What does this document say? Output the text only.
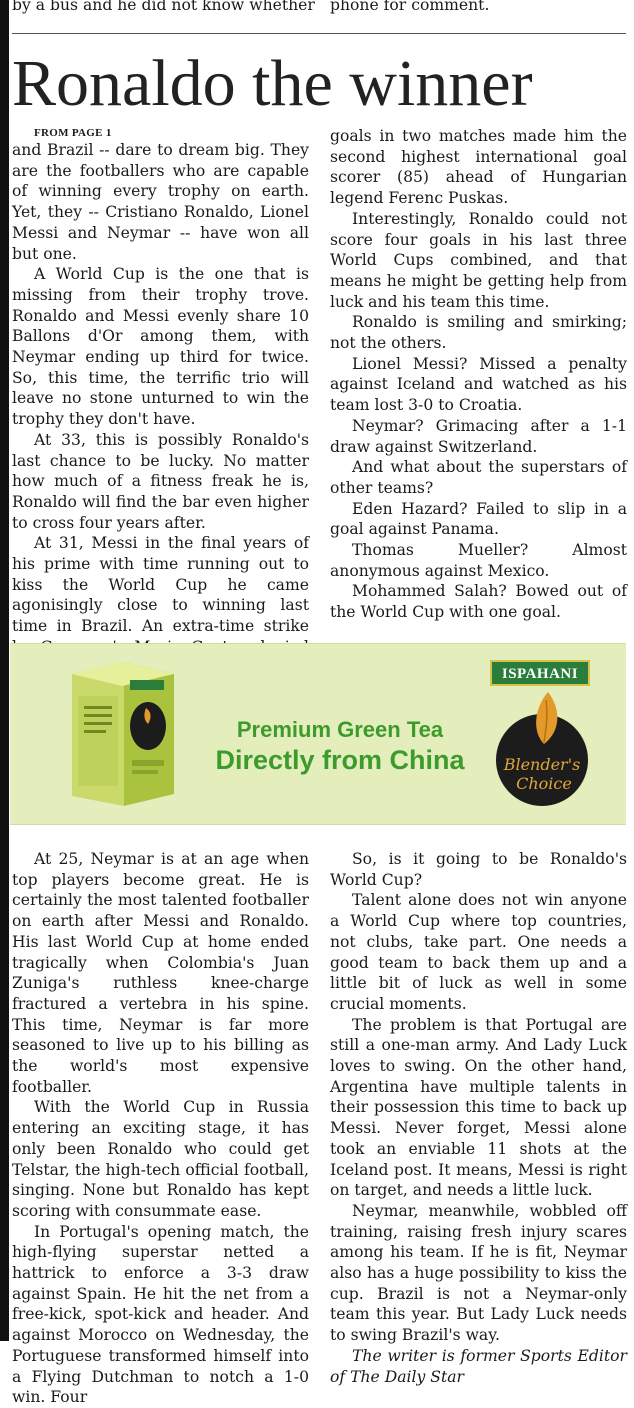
by a bus and he did not know whether phone for comment.
Ronaldo the winner

FROM PAGE 1

and Brazil -- dare to dream big. They are the footballers who are capable of winning every trophy on earth. Yet, they -- Cristiano Ronaldo, Lionel Messi and Neymar -- have won all but one.

A World Cup is the one that is missing from their trophy trove. Ronaldo and Messi evenly share 10 Ballons d'Or among them, with Neymar ending up third for twice. So, this time, the terrific trio will leave no stone unturned to win the trophy they don't have.

At 33, this is possibly Ronaldo's last chance to be lucky. No matter how much of a fitness freak he is, Ronaldo will find the bar even higher to cross four years after.

At 31, Messi in the final years of his prime with time running out to kiss the World Cup he came agonisingly close to winning last time in Brazil. An extra-time strike

goals in two matches made him the second highest international goal scorer (85) ahead of Hungarian legend Ferenc Puskas.

Interestingly, Ronaldo could not score four goals in his last three World Cups combined, and that means he might be getting help from luck and his team this time.

Ronaldo is smiling and smirking; not the others.

Lionel Messi? Missed a penalty against Iceland and watched as his team lost 3-0 to Croatia.

Neymar? Grimacing after a 1-1 draw against Switzerland.

And what about the superstars of other teams?

Eden Hazard? Failed to slip in a goal against Panama.

Thomas Mueller? Almost anonymous against Mexico.

Mohammed Salah? Bowed out of the World Cup with one goal.

Premium Green Tea
Directly from China
ISPAHANI
Blender's
Choice

At 25, Neymar is at an age when top players become great. He is certainly the most talented footballer on earth after Messi and Ronaldo. His last World Cup at home ended tragically when Colombia's Juan Zuniga's ruthless knee-charge fractured a vertebra in his spine. This time, Neymar is far more seasoned to live up to his billing as the world's most expensive footballer.

With the World Cup in Russia entering an exciting stage, it has only been Ronaldo who could get Telstar, the high-tech official football, singing. None but Ronaldo has kept scoring with consummate ease.

In Portugal's opening match, the high-flying superstar netted a hattrick to enforce a 3-3 draw against Spain. He hit the net from a free-kick, spot-kick and header. And against Morocco on Wednesday, the Portuguese transformed himself into a Flying Dutchman to notch a 1-0 win. Four

So, is it going to be Ronaldo's World Cup?

Talent alone does not win anyone a World Cup where top countries, not clubs, take part. One needs a good team to back them up and a little bit of luck as well in some crucial moments.

The problem is that Portugal are still a one-man army. And Lady Luck loves to swing. On the other hand, Argentina have multiple talents in their possession this time to back up Messi. Never forget, Messi alone took an enviable 11 shots at the Iceland post. It means, Messi is right on target, and needs a little luck.

Neymar, meanwhile, wobbled off training, raising fresh injury scares among his team. If he is fit, Neymar also has a huge possibility to kiss the cup. Brazil is not a Neymar-only team this year. But Lady Luck needs to swing Brazil's way.

The writer is former Sports Editor of The Daily Star
